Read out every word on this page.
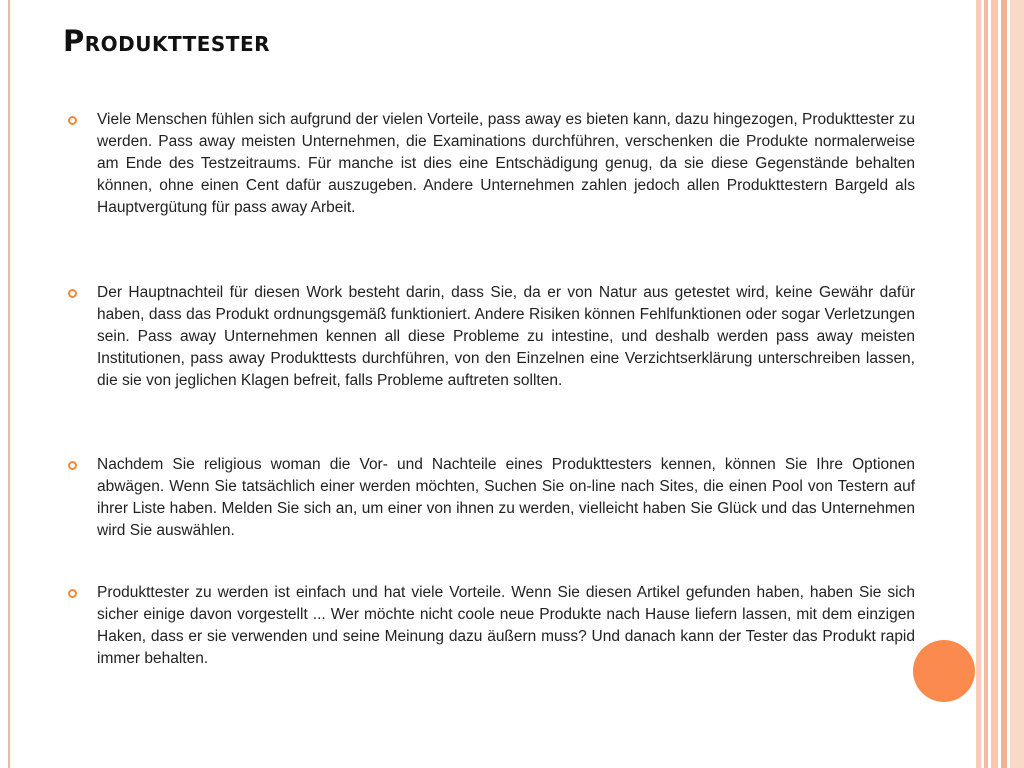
Produkttester
Viele Menschen fühlen sich aufgrund der vielen Vorteile, pass away es bieten kann, dazu hingezogen, Produkttester zu werden. Pass away meisten Unternehmen, die Examinations durchführen, verschenken die Produkte normalerweise am Ende des Testzeitraums. Für manche ist dies eine Entschädigung genug, da sie diese Gegenstände behalten können, ohne einen Cent dafür auszugeben. Andere Unternehmen zahlen jedoch allen Produkttestern Bargeld als Hauptvergütung für pass away Arbeit.
Der Hauptnachteil für diesen Work besteht darin, dass Sie, da er von Natur aus getestet wird, keine Gewähr dafür haben, dass das Produkt ordnungsgemäß funktioniert. Andere Risiken können Fehlfunktionen oder sogar Verletzungen sein. Pass away Unternehmen kennen all diese Probleme zu intestine, und deshalb werden pass away meisten Institutionen, pass away Produkttests durchführen, von den Einzelnen eine Verzichtserklärung unterschreiben lassen, die sie von jeglichen Klagen befreit, falls Probleme auftreten sollten.
Nachdem Sie religious woman die Vor- und Nachteile eines Produkttesters kennen, können Sie Ihre Optionen abwägen. Wenn Sie tatsächlich einer werden möchten, Suchen Sie on-line nach Sites, die einen Pool von Testern auf ihrer Liste haben. Melden Sie sich an, um einer von ihnen zu werden, vielleicht haben Sie Glück und das Unternehmen wird Sie auswählen.
Produkttester zu werden ist einfach und hat viele Vorteile. Wenn Sie diesen Artikel gefunden haben, haben Sie sich sicher einige davon vorgestellt ... Wer möchte nicht coole neue Produkte nach Hause liefern lassen, mit dem einzigen Haken, dass er sie verwenden und seine Meinung dazu äußern muss? Und danach kann der Tester das Produkt rapid immer behalten.
